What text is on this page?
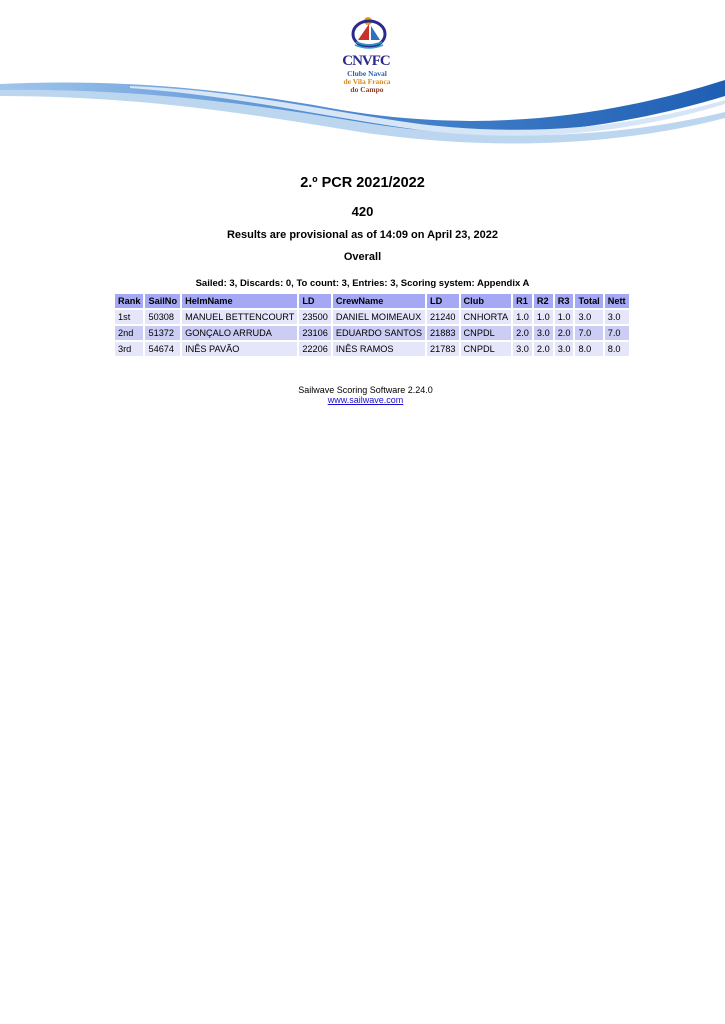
CNVFC
Clube Naval
de Vila Franca
do Campo
2.º PCR 2021/2022
420
Results are provisional as of 14:09 on April 23, 2022
Overall
Sailed: 3, Discards: 0, To count: 3, Entries: 3, Scoring system: Appendix A
Rank	SailNo	HelmName	LD	CrewName	LD	Club	R1	R2	R3	Total	Nett
1st	50308	MANUEL BETTENCOURT	23500	DANIEL MOIMEAUX	21240	CNHORTA	1.0	1.0	1.0	3.0	3.0
2nd	51372	GONÇALO ARRUDA	23106	EDUARDO SANTOS	21883	CNPDL	2.0	3.0	2.0	7.0	7.0
3rd	54674	INÊS PAVÃO	22206	INÊS RAMOS	21783	CNPDL	3.0	2.0	3.0	8.0	8.0
Sailwave Scoring Software 2.24.0
www.sailwave.com
